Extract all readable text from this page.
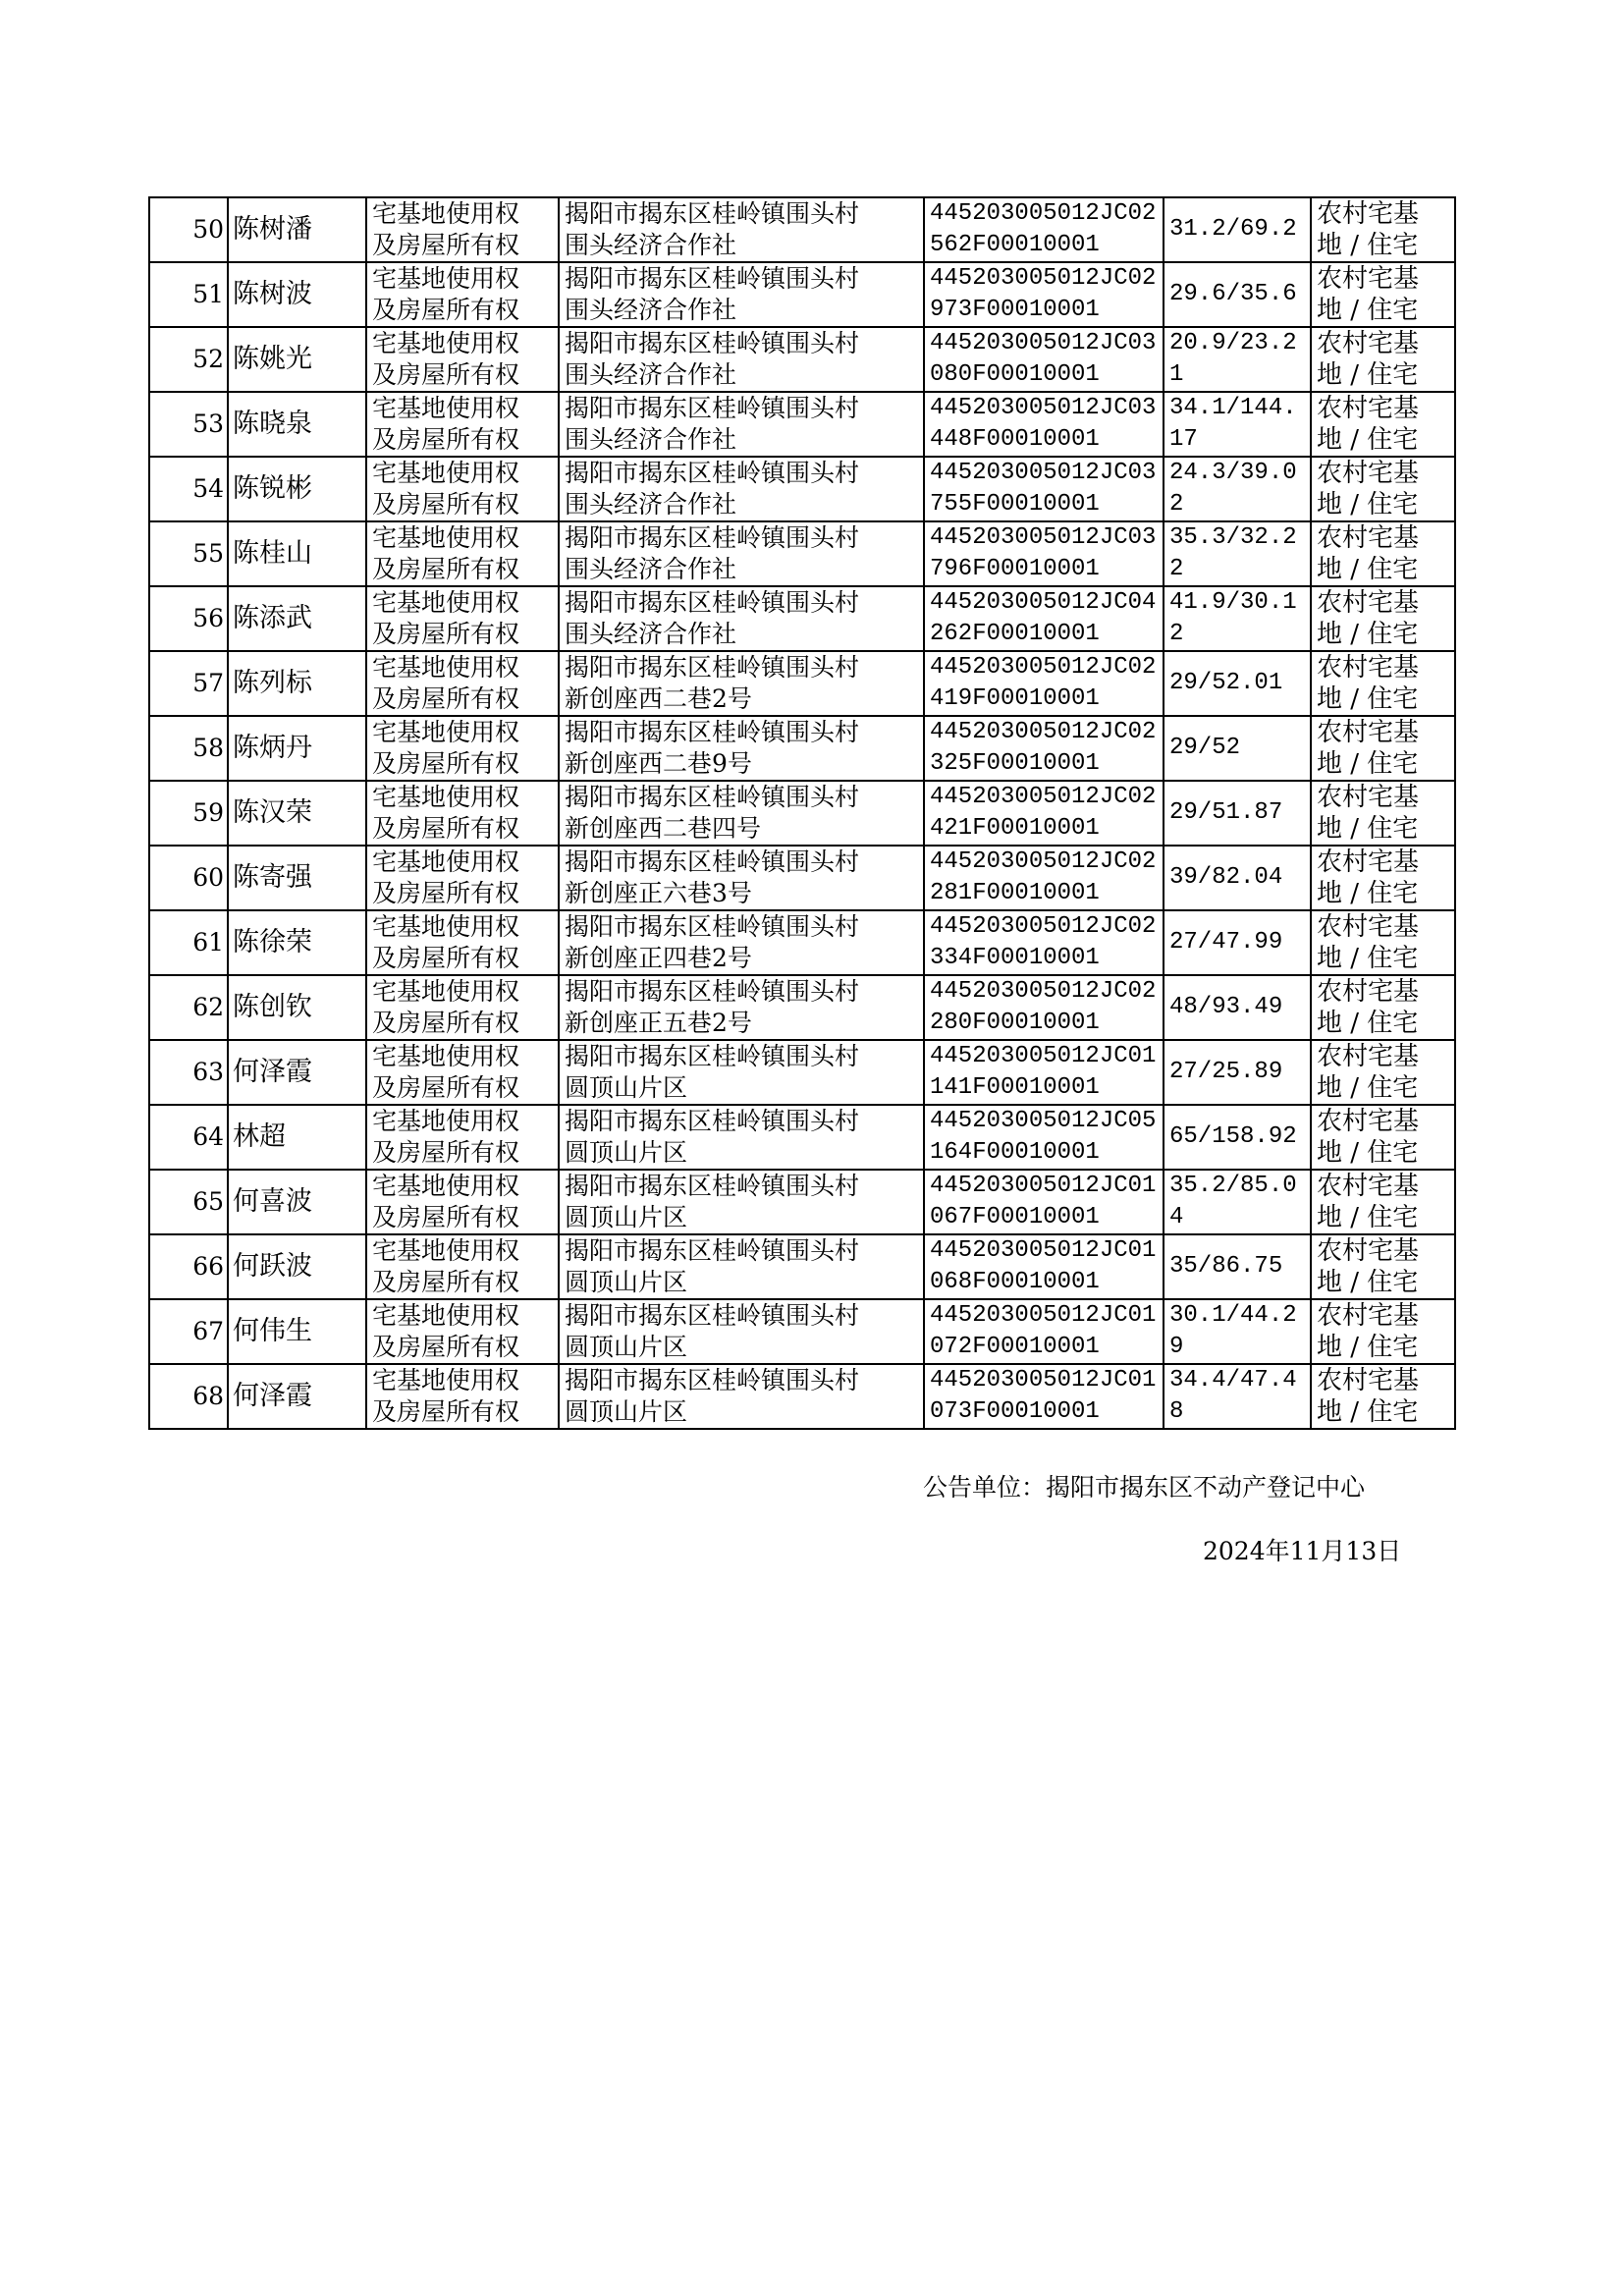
50	陈树潘	宅基地使用权
及房屋所有权	揭阳市揭东区桂岭镇围头村
围头经济合作社	445203005012JC02
562F00010001	31.2/69.2	农村宅基
地 / 住宅
51	陈树波	宅基地使用权
及房屋所有权	揭阳市揭东区桂岭镇围头村
围头经济合作社	445203005012JC02
973F00010001	29.6/35.6	农村宅基
地 / 住宅
52	陈姚光	宅基地使用权
及房屋所有权	揭阳市揭东区桂岭镇围头村
围头经济合作社	445203005012JC03
080F00010001	20.9/23.2
1	农村宅基
地 / 住宅
53	陈晓泉	宅基地使用权
及房屋所有权	揭阳市揭东区桂岭镇围头村
围头经济合作社	445203005012JC03
448F00010001	34.1/144.
17	农村宅基
地 / 住宅
54	陈锐彬	宅基地使用权
及房屋所有权	揭阳市揭东区桂岭镇围头村
围头经济合作社	445203005012JC03
755F00010001	24.3/39.0
2	农村宅基
地 / 住宅
55	陈桂山	宅基地使用权
及房屋所有权	揭阳市揭东区桂岭镇围头村
围头经济合作社	445203005012JC03
796F00010001	35.3/32.2
2	农村宅基
地 / 住宅
56	陈添武	宅基地使用权
及房屋所有权	揭阳市揭东区桂岭镇围头村
围头经济合作社	445203005012JC04
262F00010001	41.9/30.1
2	农村宅基
地 / 住宅
57	陈列标	宅基地使用权
及房屋所有权	揭阳市揭东区桂岭镇围头村
新创座西二巷2号	445203005012JC02
419F00010001	29/52.01	农村宅基
地 / 住宅
58	陈炳丹	宅基地使用权
及房屋所有权	揭阳市揭东区桂岭镇围头村
新创座西二巷9号	445203005012JC02
325F00010001	29/52	农村宅基
地 / 住宅
59	陈汉荣	宅基地使用权
及房屋所有权	揭阳市揭东区桂岭镇围头村
新创座西二巷四号	445203005012JC02
421F00010001	29/51.87	农村宅基
地 / 住宅
60	陈寄强	宅基地使用权
及房屋所有权	揭阳市揭东区桂岭镇围头村
新创座正六巷3号	445203005012JC02
281F00010001	39/82.04	农村宅基
地 / 住宅
61	陈徐荣	宅基地使用权
及房屋所有权	揭阳市揭东区桂岭镇围头村
新创座正四巷2号	445203005012JC02
334F00010001	27/47.99	农村宅基
地 / 住宅
62	陈创钦	宅基地使用权
及房屋所有权	揭阳市揭东区桂岭镇围头村
新创座正五巷2号	445203005012JC02
280F00010001	48/93.49	农村宅基
地 / 住宅
63	何泽霞	宅基地使用权
及房屋所有权	揭阳市揭东区桂岭镇围头村
圆顶山片区	445203005012JC01
141F00010001	27/25.89	农村宅基
地 / 住宅
64	林超	宅基地使用权
及房屋所有权	揭阳市揭东区桂岭镇围头村
圆顶山片区	445203005012JC05
164F00010001	65/158.92	农村宅基
地 / 住宅
65	何喜波	宅基地使用权
及房屋所有权	揭阳市揭东区桂岭镇围头村
圆顶山片区	445203005012JC01
067F00010001	35.2/85.0
4	农村宅基
地 / 住宅
66	何跃波	宅基地使用权
及房屋所有权	揭阳市揭东区桂岭镇围头村
圆顶山片区	445203005012JC01
068F00010001	35/86.75	农村宅基
地 / 住宅
67	何伟生	宅基地使用权
及房屋所有权	揭阳市揭东区桂岭镇围头村
圆顶山片区	445203005012JC01
072F00010001	30.1/44.2
9	农村宅基
地 / 住宅
68	何泽霞	宅基地使用权
及房屋所有权	揭阳市揭东区桂岭镇围头村
圆顶山片区	445203005012JC01
073F00010001	34.4/47.4
8	农村宅基
地 / 住宅
公告单位：揭阳市揭东区不动产登记中心
2024年11月13日
